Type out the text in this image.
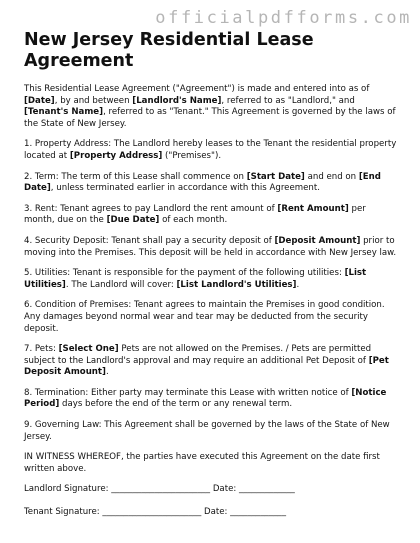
officialpdfforms.com
New Jersey Residential Lease Agreement

This Residential Lease Agreement ("Agreement") is made and entered into as of [Date], by and between [Landlord's Name], referred to as "Landlord," and [Tenant's Name], referred to as "Tenant." This Agreement is governed by the laws of the State of New Jersey.

1. Property Address: The Landlord hereby leases to the Tenant the residential property located at [Property Address] ("Premises").

2. Term: The term of this Lease shall commence on [Start Date] and end on [End Date], unless terminated earlier in accordance with this Agreement.

3. Rent: Tenant agrees to pay Landlord the rent amount of [Rent Amount] per month, due on the [Due Date] of each month.

4. Security Deposit: Tenant shall pay a security deposit of [Deposit Amount] prior to moving into the Premises. This deposit will be held in accordance with New Jersey law.

5. Utilities: Tenant is responsible for the payment of the following utilities: [List Utilities]. The Landlord will cover: [List Landlord's Utilities].

6. Condition of Premises: Tenant agrees to maintain the Premises in good condition. Any damages beyond normal wear and tear may be deducted from the security deposit.

7. Pets: [Select One] Pets are not allowed on the Premises. / Pets are permitted subject to the Landlord's approval and may require an additional Pet Deposit of [Pet Deposit Amount].

8. Termination: Either party may terminate this Lease with written notice of [Notice Period] days before the end of the term or any renewal term.

9. Governing Law: This Agreement shall be governed by the laws of the State of New Jersey.

IN WITNESS WHEREOF, the parties have executed this Agreement on the date first written above.

Landlord Signature: _______________________ Date: _____________

Tenant Signature: _______________________ Date: _____________
